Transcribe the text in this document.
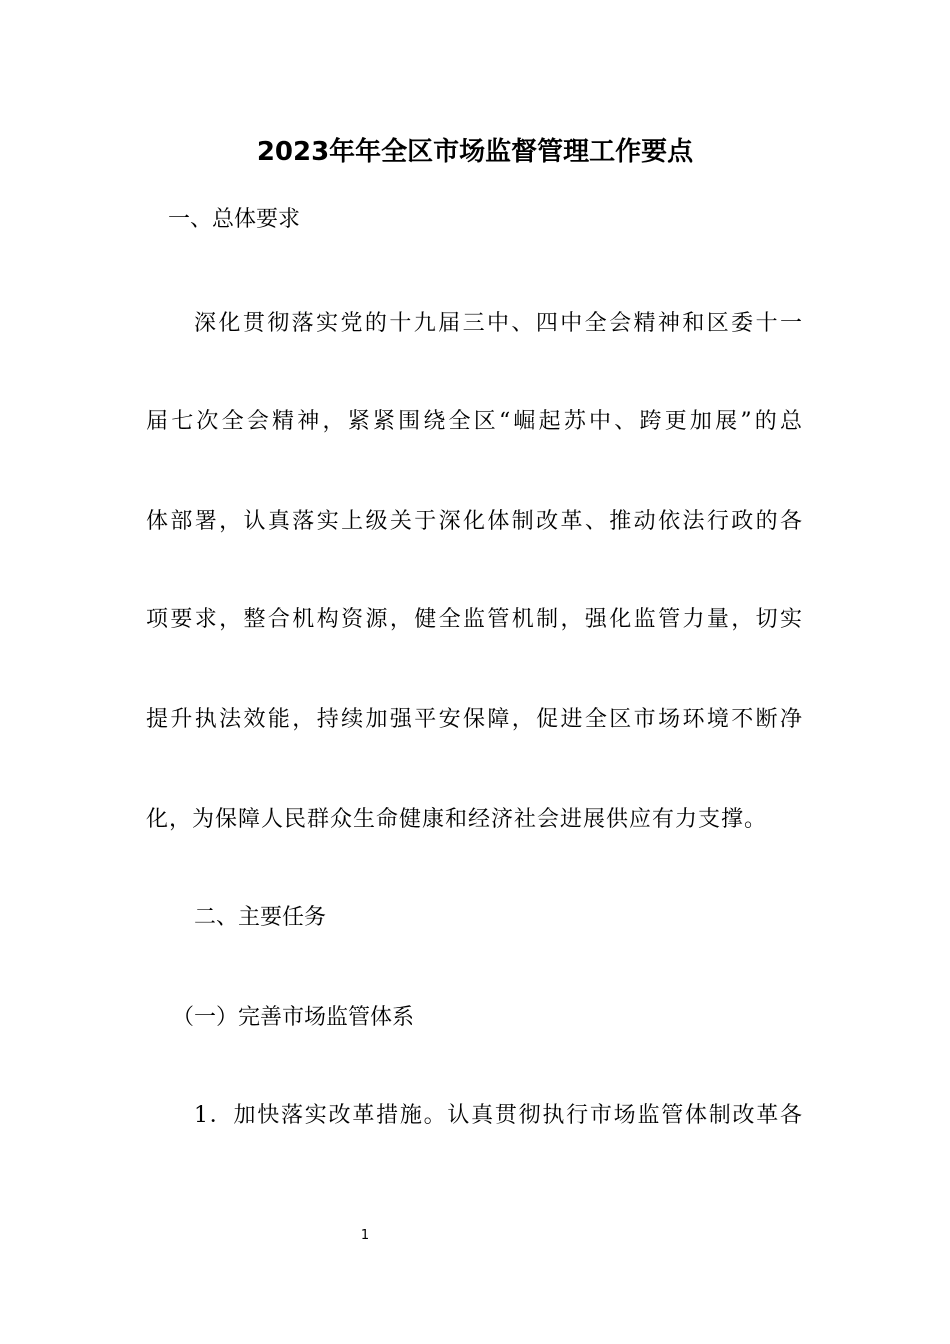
2023年年全区市场监督管理工作要点
一、总体要求
深化贯彻落实党的十九届三中、四中全会精神和区委十一
届七次全会精神，紧紧围绕全区“崛起苏中、跨更加展”的总
体部署，认真落实上级关于深化体制改革、推动依法行政的各
项要求，整合机构资源，健全监管机制，强化监管力量，切实
提升执法效能，持续加强平安保障，促进全区市场环境不断净
化，为保障人民群众生命健康和经济社会进展供应有力支撑。
二、主要任务
（一）完善市场监管体系
1．加快落实改革措施。认真贯彻执行市场监管体制改革各
1
